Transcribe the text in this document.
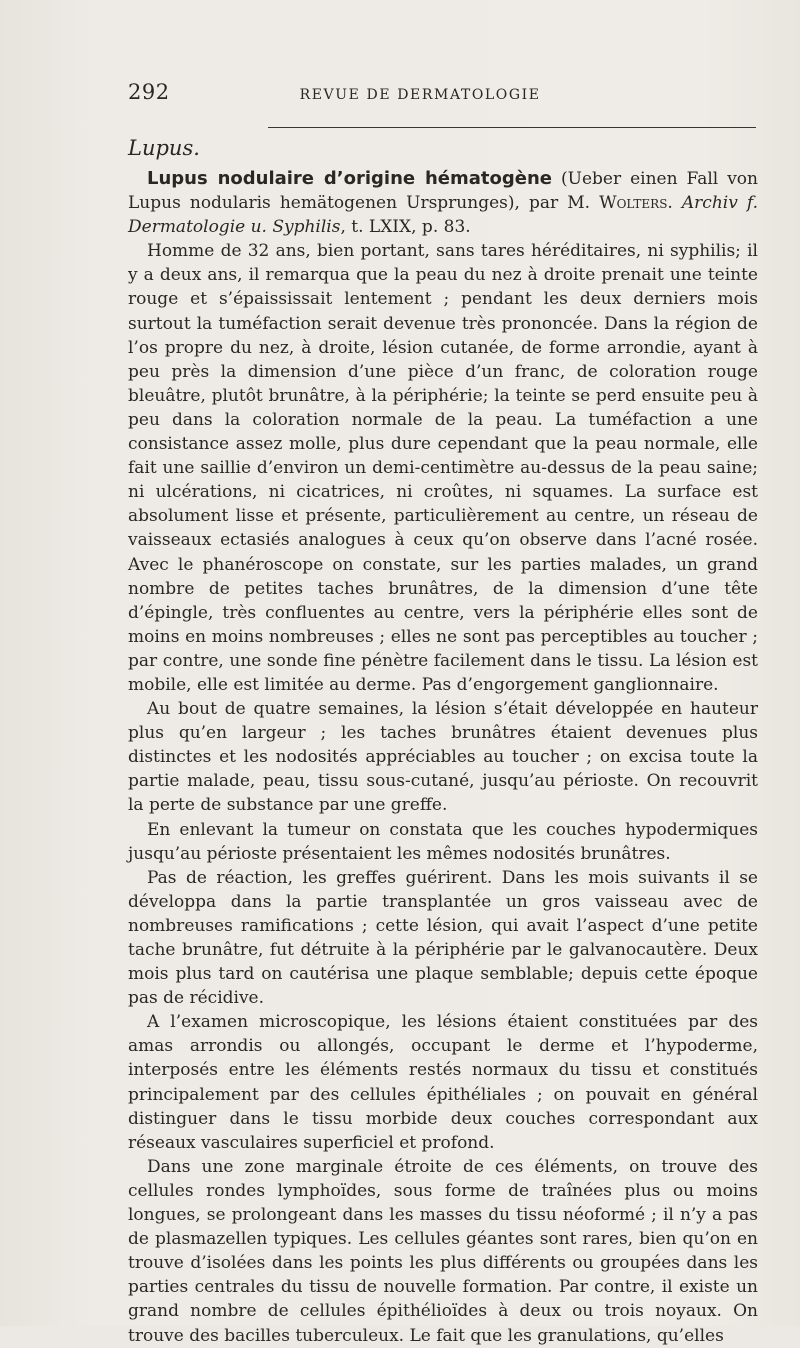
292	REVUE DE DERMATOLOGIE
Lupus.

Lupus nodulaire d’origine hématogène (Ueber einen Fall von Lupus nodularis hemätogenen Ursprunges), par M. Wolters. Archiv f. Dermatologie u. Syphilis, t. LXIX, p. 83.

Homme de 32 ans, bien portant, sans tares héréditaires, ni syphilis; il y a deux ans, il remarqua que la peau du nez à droite prenait une teinte rouge et s’épaississait lentement ; pendant les deux derniers mois surtout la tuméfaction serait devenue très prononcée. Dans la région de l’os propre du nez, à droite, lésion cutanée, de forme arrondie, ayant à peu près la dimension d’une pièce d’un franc, de coloration rouge bleuâtre, plutôt brunâtre, à la périphérie; la teinte se perd ensuite peu à peu dans la coloration normale de la peau. La tuméfaction a une consistance assez molle, plus dure cependant que la peau normale, elle fait une saillie d’environ un demi-centimètre au-dessus de la peau saine; ni ulcérations, ni cicatrices, ni croûtes, ni squames. La surface est absolument lisse et présente, particulièrement au centre, un réseau de vaisseaux ectasiés analogues à ceux qu’on observe dans l’acné rosée. Avec le phanéroscope on constate, sur les parties malades, un grand nombre de petites taches brunâtres, de la dimension d’une tête d’épingle, très confluentes au centre, vers la périphérie elles sont de moins en moins nombreuses ; elles ne sont pas perceptibles au toucher ; par contre, une sonde fine pénètre facilement dans le tissu. La lésion est mobile, elle est limitée au derme. Pas d’engorgement ganglionnaire.

Au bout de quatre semaines, la lésion s’était développée en hauteur plus qu’en largeur ; les taches brunâtres étaient devenues plus distinctes et les nodosités appréciables au toucher ; on excisa toute la partie malade, peau, tissu sous-cutané, jusqu’au périoste. On recouvrit la perte de substance par une greffe.

En enlevant la tumeur on constata que les couches hypodermiques jusqu’au périoste présentaient les mêmes nodosités brunâtres.

Pas de réaction, les greffes guérirent. Dans les mois suivants il se développa dans la partie transplantée un gros vaisseau avec de nombreuses ramifications ; cette lésion, qui avait l’aspect d’une petite tache brunâtre, fut détruite à la périphérie par le galvanocautère. Deux mois plus tard on cautérisa une plaque semblable; depuis cette époque pas de récidive.

A l’examen microscopique, les lésions étaient constituées par des amas arrondis ou allongés, occupant le derme et l’hypoderme, interposés entre les éléments restés normaux du tissu et constitués principalement par des cellules épithéliales ; on pouvait en général distinguer dans le tissu morbide deux couches correspondant aux réseaux vasculaires superficiel et profond.

Dans une zone marginale étroite de ces éléments, on trouve des cellules rondes lymphoïdes, sous forme de traînées plus ou moins longues, se prolongeant dans les masses du tissu néoformé ; il n’y a pas de plasmazellen typiques. Les cellules géantes sont rares, bien qu’on en trouve d’isolées dans les points les plus différents ou groupées dans les parties centrales du tissu de nouvelle formation. Par contre, il existe un grand nombre de cellules épithélioïdes à deux ou trois noyaux. On trouve des bacilles tuberculeux. Le fait que les granulations, qu’elles
